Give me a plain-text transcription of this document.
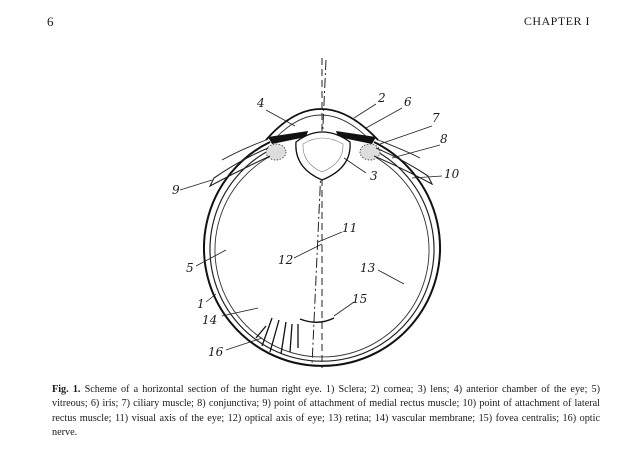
6	CHAPTER I
1
2
3
4
5
6
7
8
9
10
11
12
13
14
15
16

Fig. 1. Scheme of a horizontal section of the human right eye. 1) Sclera; 2) cornea; 3) lens; 4) anterior chamber of the eye; 5) vitreous; 6) iris; 7) ciliary muscle; 8) conjunctiva; 9) point of attachment of medial rectus muscle; 10) point of attachment of lateral rectus muscle; 11) visual axis of the eye; 12) optical axis of eye; 13) retina; 14) vascular membrane; 15) fovea centralis; 16) optic nerve.
